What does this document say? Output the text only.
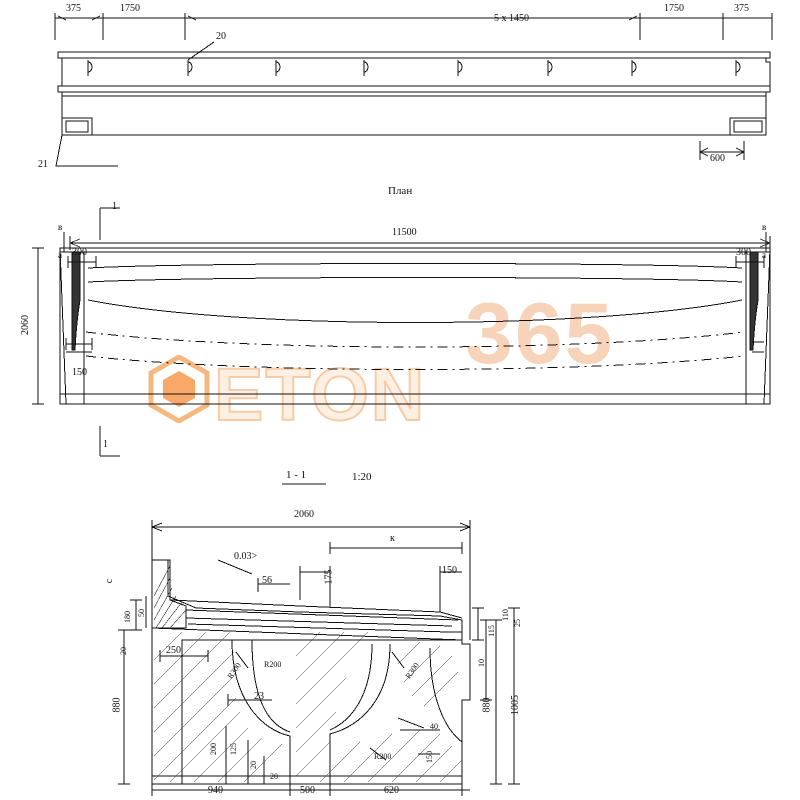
365
ETON
375	1750
5 x 1450
1750	375
20
21
600
План
1
1
в	в
а	а
11500
300	300
150
2060
1 - 1	1:20
2060
к
с
0.03>
56	175	150
50
180
20
880
110
25
115
10
880 1005
250
R300	R300
23
R200	150
40
200 125
20
20
R200
940	500	620
